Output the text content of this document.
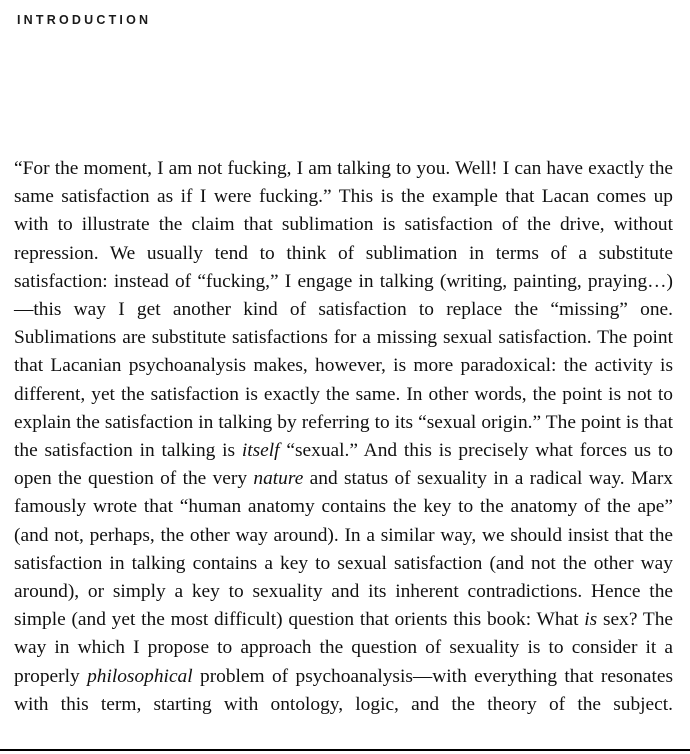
INTRODUCTION

“For the moment, I am not fucking, I am talking to you. Well! I can have exactly the same satisfaction as if I were fucking.” This is the example that Lacan comes up with to illustrate the claim that sublimation is satisfaction of the drive, without repression. We usually tend to think of sublimation in terms of a substitute satisfaction: instead of “fucking,” I engage in talking (writing, painting, praying…)—this way I get another kind of satisfaction to replace the “missing” one. Sublimations are substitute satisfactions for a missing sexual satisfaction. The point that Lacanian psychoanalysis makes, however, is more paradoxical: the activity is different, yet the satisfaction is exactly the same. In other words, the point is not to explain the satisfaction in talking by referring to its “sexual origin.” The point is that the satisfaction in talking is itself “sexual.” And this is precisely what forces us to open the question of the very nature and status of sexuality in a radical way. Marx famously wrote that “human anatomy contains the key to the anatomy of the ape” (and not, perhaps, the other way around). In a similar way, we should insist that the satisfaction in talking contains a key to sexual satisfaction (and not the other way around), or simply a key to sexuality and its inherent contradictions. Hence the simple (and yet the most difficult) question that orients this book: What is sex? The way in which I propose to approach the question of sexuality is to consider it a properly philosophical problem of psychoanalysis—with everything that resonates with this term, starting with ontology, logic, and the theory of the subject.
